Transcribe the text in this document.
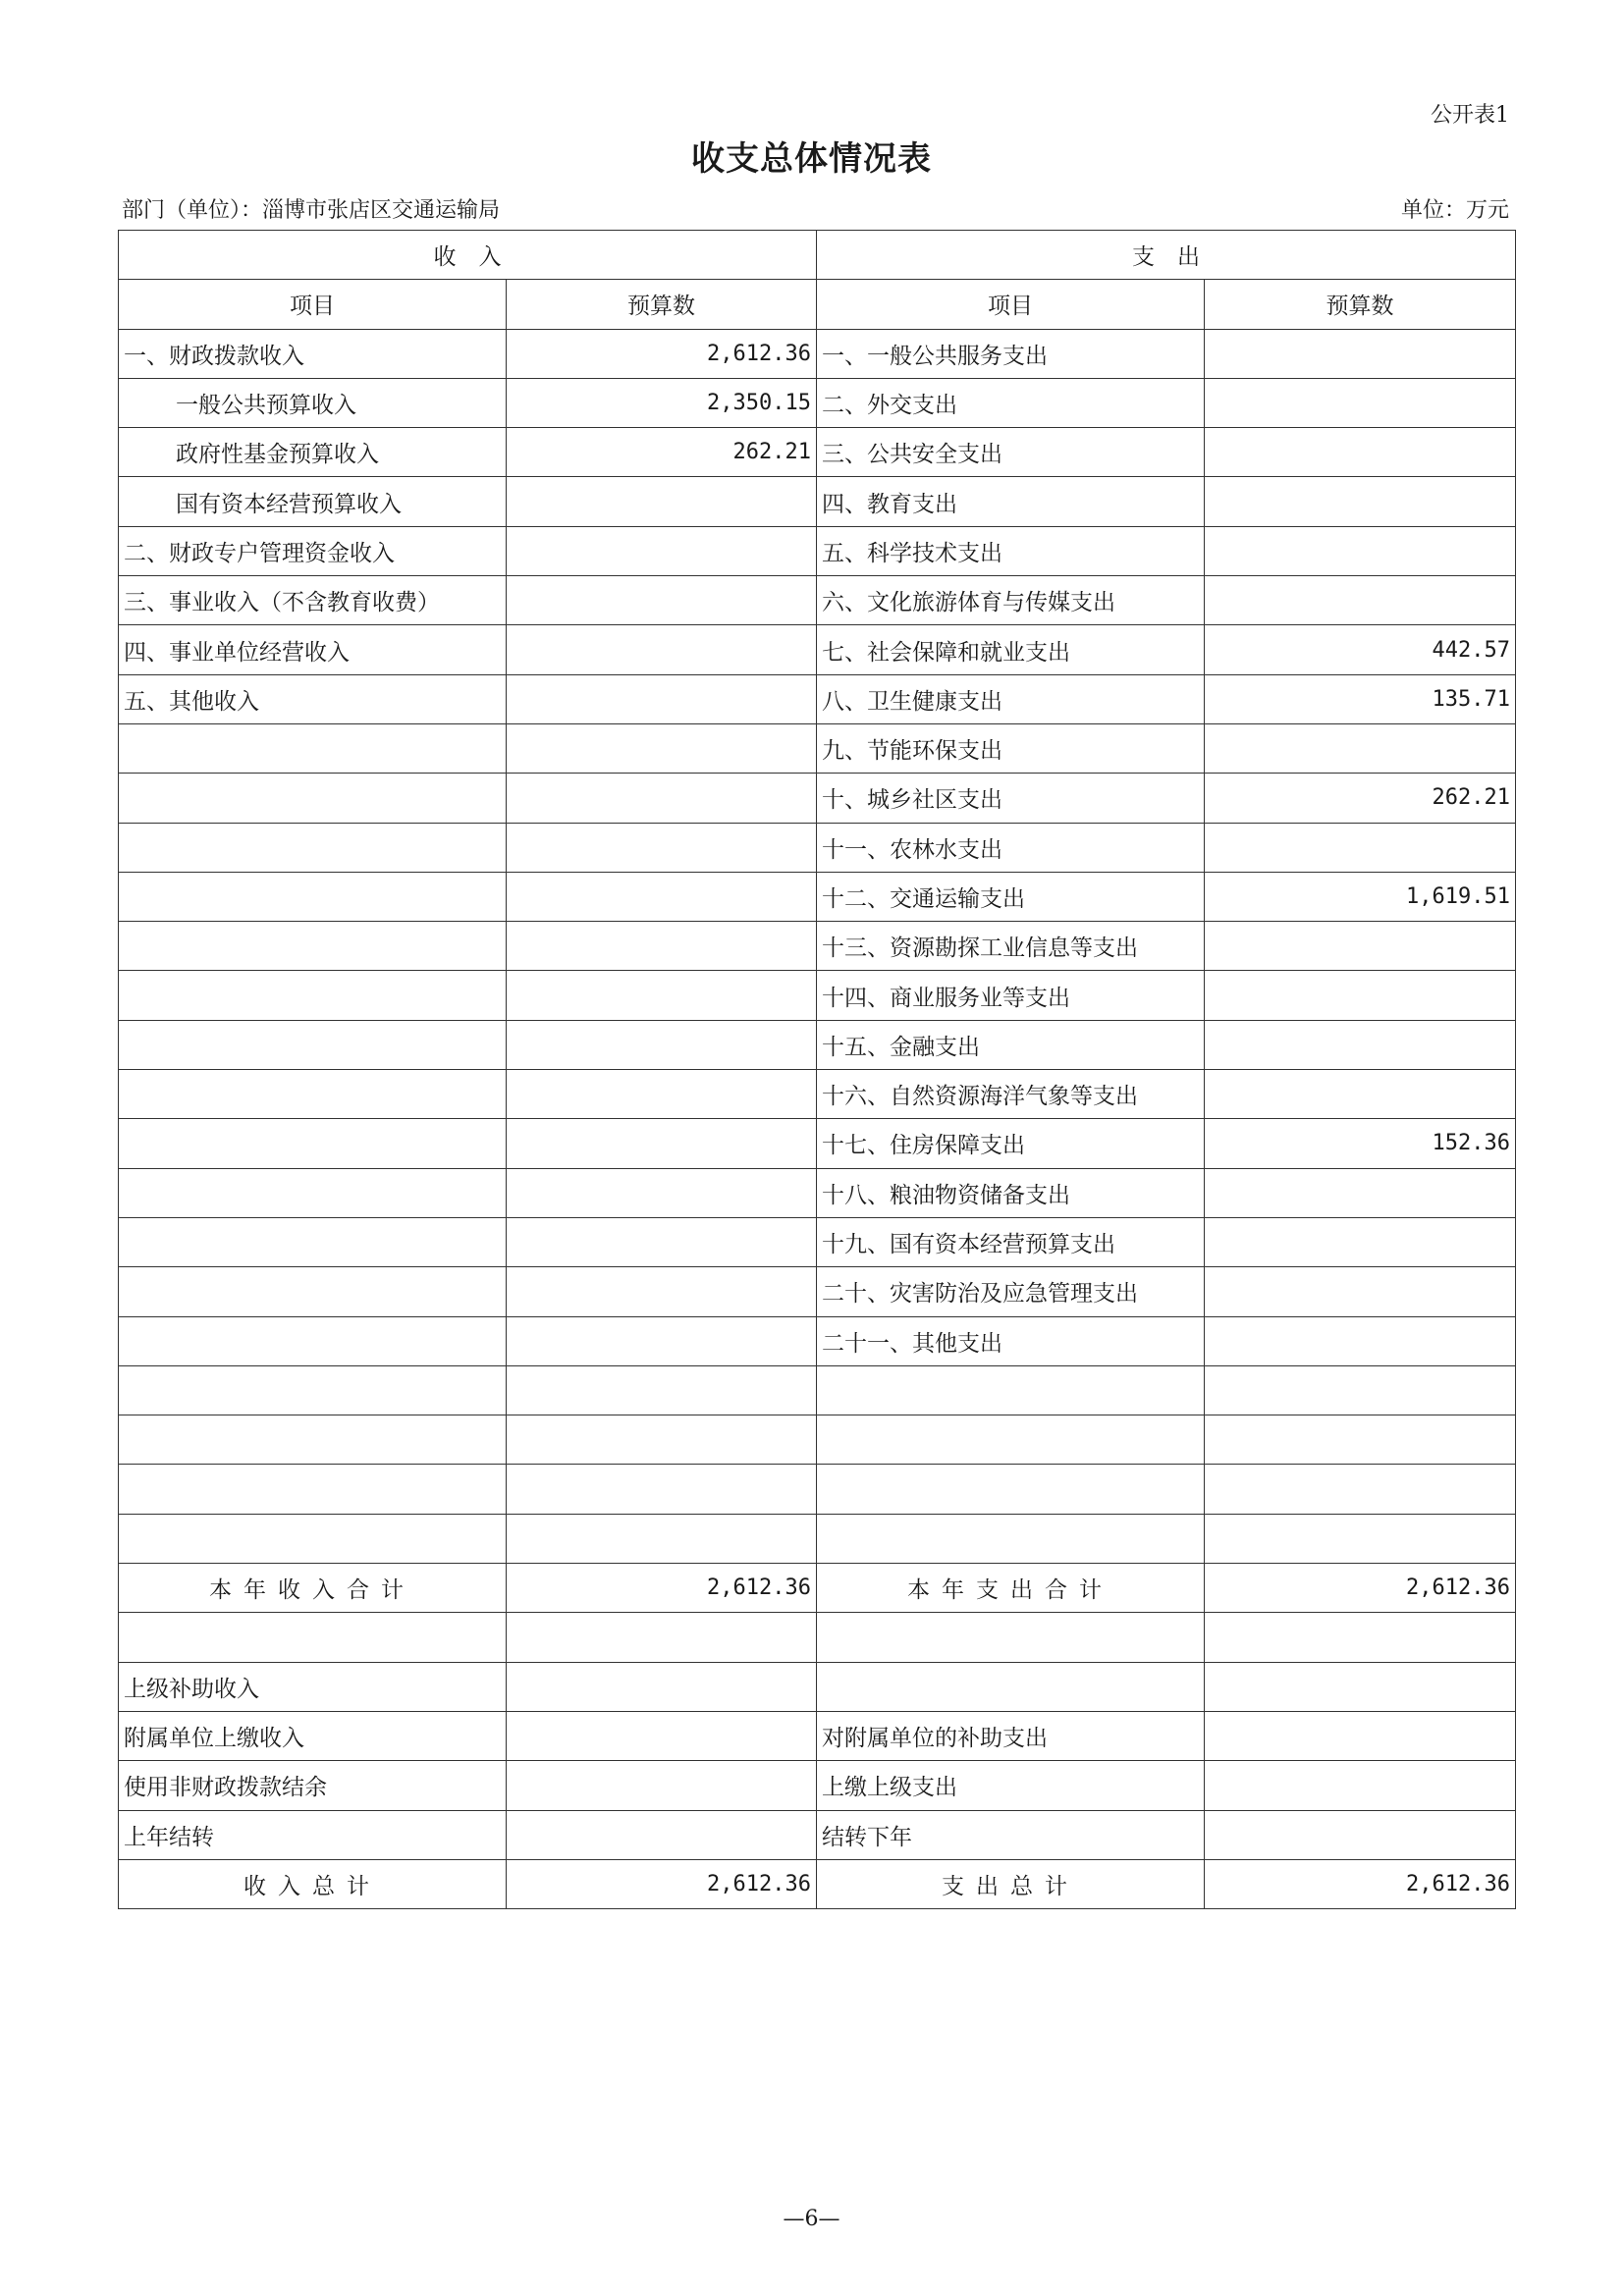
公开表1
收支总体情况表
部门（单位）：淄博市张店区交通运输局	单位：万元
收　入		支　出	
项目	预算数	项目	预算数
一、财政拨款收入	2,612.36	一、一般公共服务支出	
一般公共预算收入	2,350.15	二、外交支出	
政府性基金预算收入	262.21	三、公共安全支出	
国有资本经营预算收入		四、教育支出	
二、财政专户管理资金收入		五、科学技术支出	
三、事业收入（不含教育收费）		六、文化旅游体育与传媒支出	
四、事业单位经营收入		七、社会保障和就业支出	442.57
五、其他收入		八、卫生健康支出	135.71
		九、节能环保支出	
		十、城乡社区支出	262.21
		十一、农林水支出	
		十二、交通运输支出	1,619.51
		十三、资源勘探工业信息等支出	
		十四、商业服务业等支出	
		十五、金融支出	
		十六、自然资源海洋气象等支出	
		十七、住房保障支出	152.36
		十八、粮油物资储备支出	
		十九、国有资本经营预算支出	
		二十、灾害防治及应急管理支出	
		二十一、其他支出	

本年收入合计	2,612.36	本年支出合计	2,612.36

上级补助收入			
附属单位上缴收入		对附属单位的补助支出	
使用非财政拨款结余		上缴上级支出	
上年结转		结转下年	
收入总计	2,612.36	支出总计	2,612.36
—6—
